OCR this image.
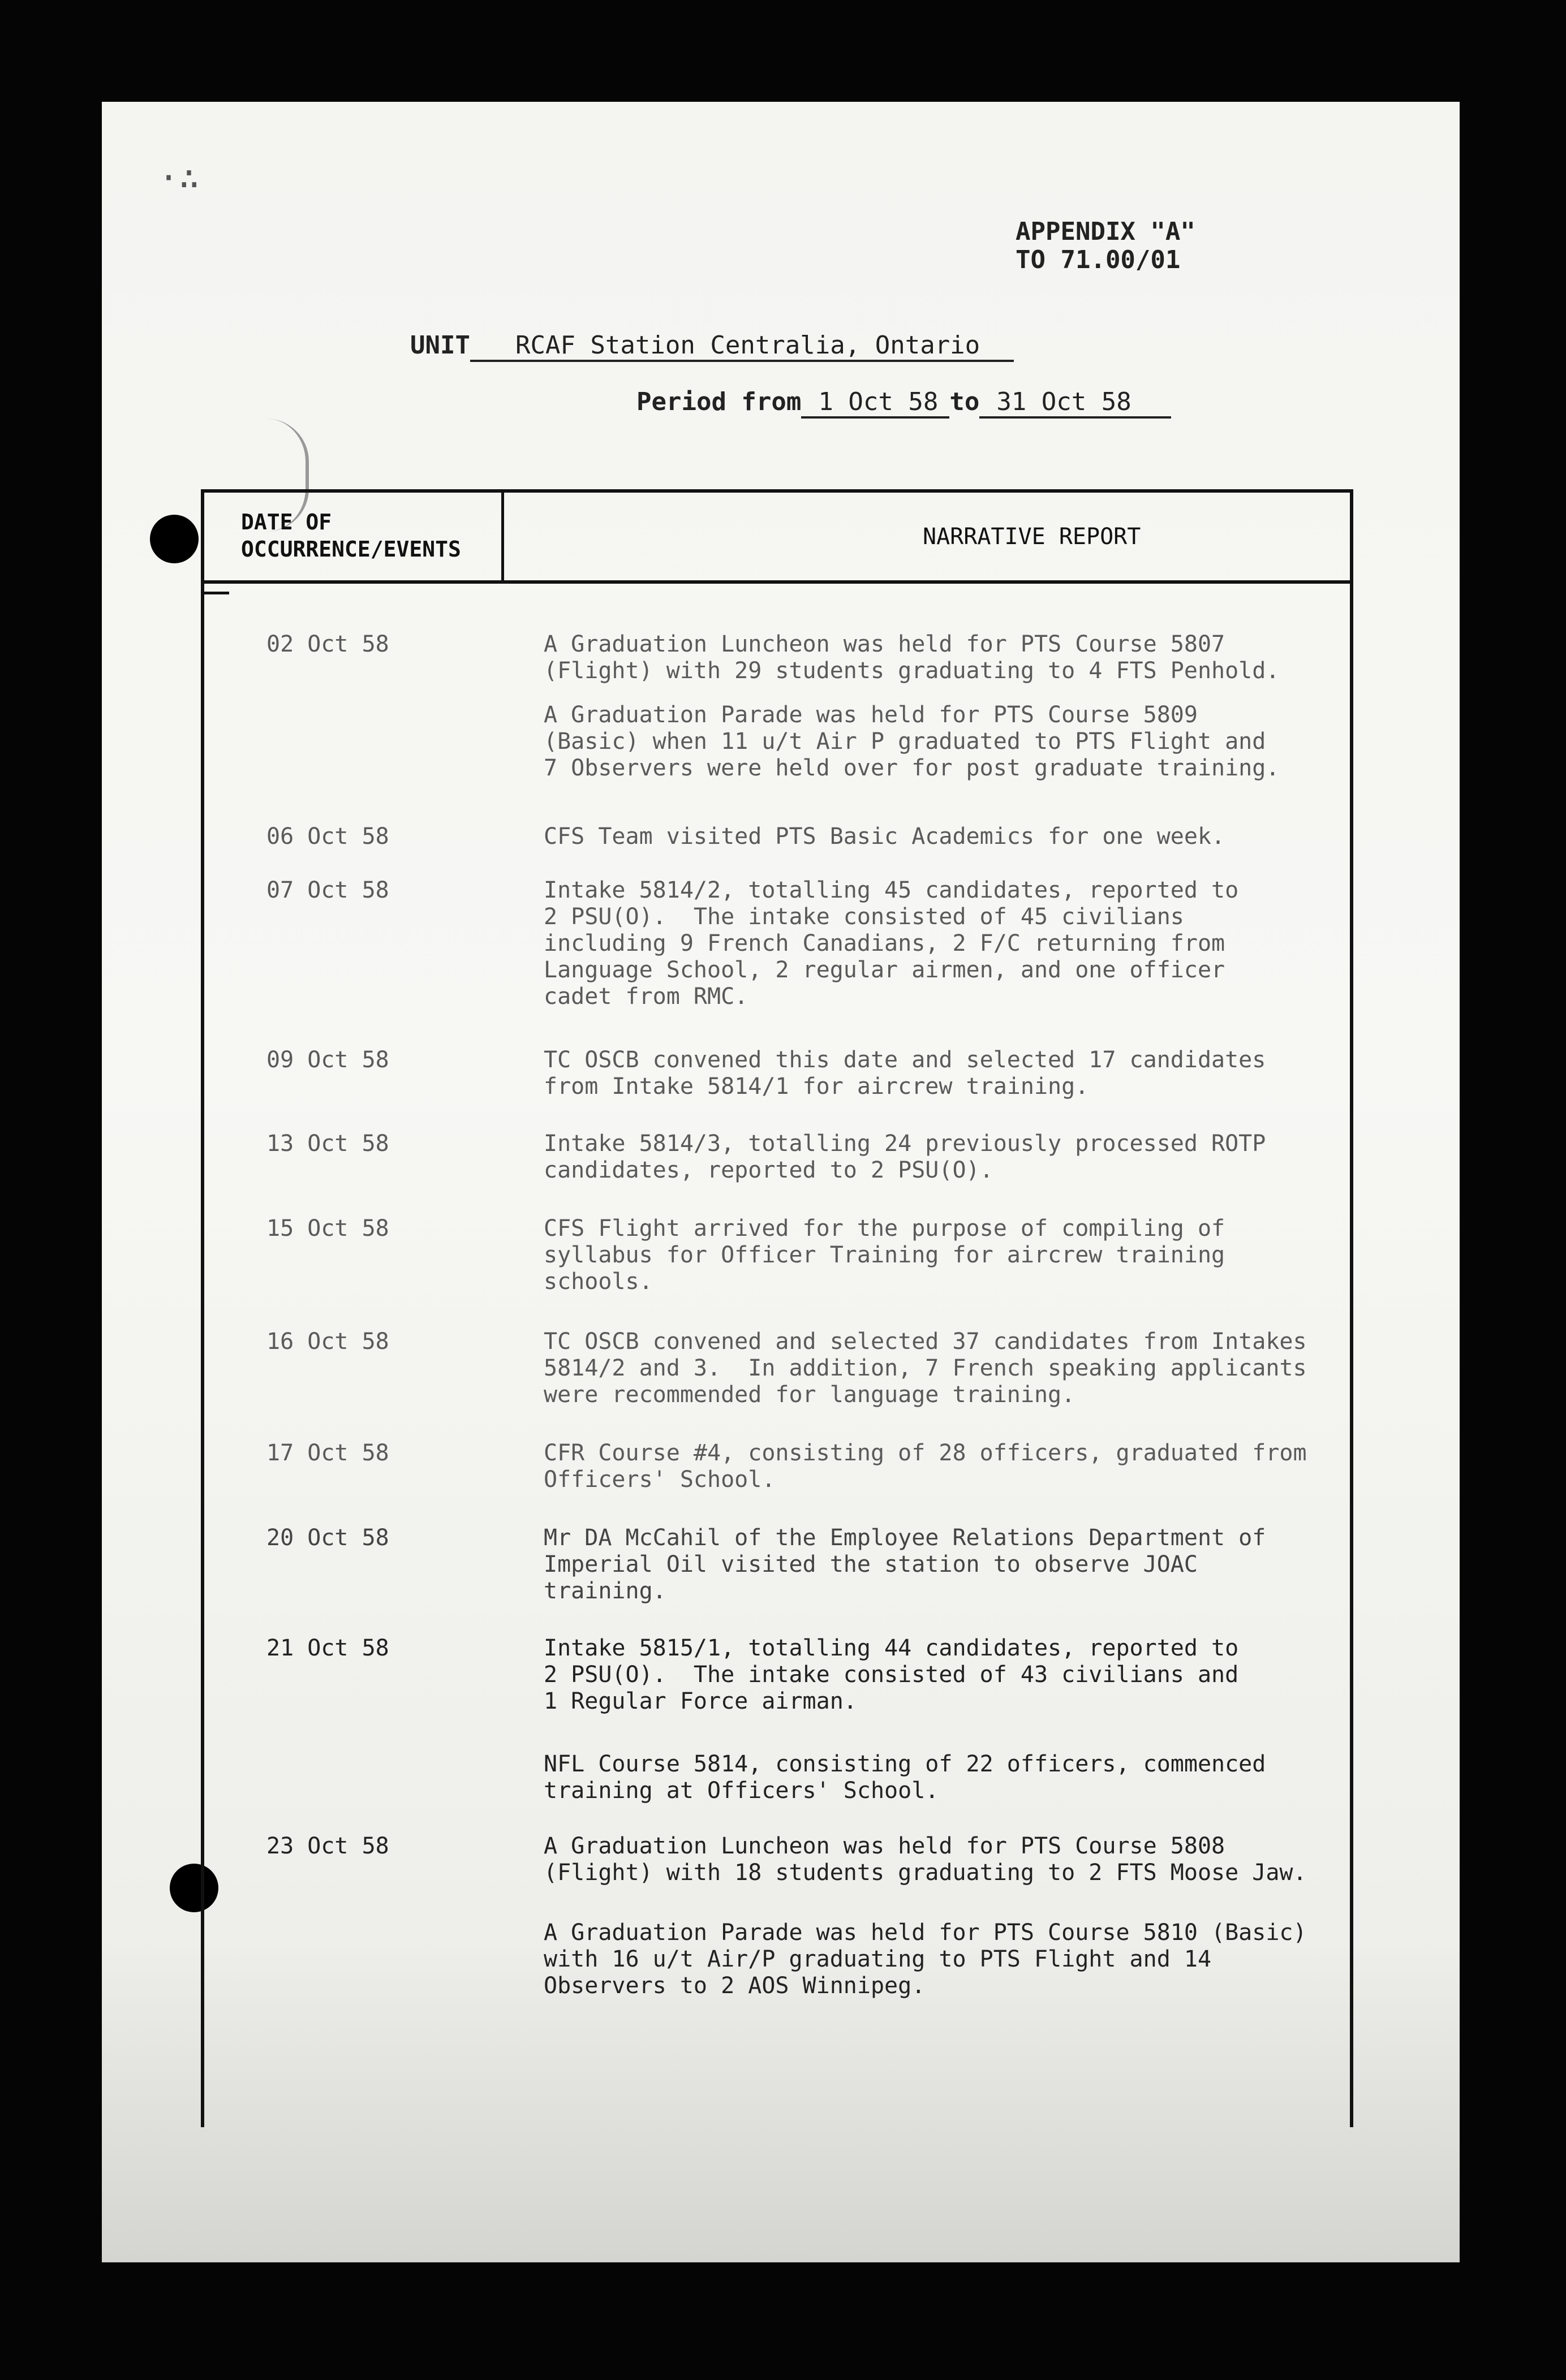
·∴
APPENDIX "A"
TO 71.00/01
UNIT RCAF Station Centralia, Ontario
Period from 1 Oct 58 to 31 Oct 58
DATE OF
OCCURRENCE/EVENTS	NARRATIVE REPORT
02 Oct 58	A Graduation Luncheon was held for PTS Course 5807
(Flight) with 29 students graduating to 4 FTS Penhold.
A Graduation Parade was held for PTS Course 5809
(Basic) when 11 u/t Air P graduated to PTS Flight and
7 Observers were held over for post graduate training.
06 Oct 58	CFS Team visited PTS Basic Academics for one week.
07 Oct 58	Intake 5814/2, totalling 45 candidates, reported to
2 PSU(O).  The intake consisted of 45 civilians
including 9 French Canadians, 2 F/C returning from
Language School, 2 regular airmen, and one officer
cadet from RMC.
09 Oct 58	TC OSCB convened this date and selected 17 candidates
from Intake 5814/1 for aircrew training.
13 Oct 58	Intake 5814/3, totalling 24 previously processed ROTP
candidates, reported to 2 PSU(O).
15 Oct 58	CFS Flight arrived for the purpose of compiling of
syllabus for Officer Training for aircrew training
schools.
16 Oct 58	TC OSCB convened and selected 37 candidates from Intakes
5814/2 and 3.  In addition, 7 French speaking applicants
were recommended for language training.
17 Oct 58	CFR Course #4, consisting of 28 officers, graduated from
Officers' School.
20 Oct 58	Mr DA McCahil of the Employee Relations Department of
Imperial Oil visited the station to observe JOAC
training.
21 Oct 58	Intake 5815/1, totalling 44 candidates, reported to
2 PSU(O).  The intake consisted of 43 civilians and
1 Regular Force airman.
NFL Course 5814, consisting of 22 officers, commenced
training at Officers' School.
23 Oct 58	A Graduation Luncheon was held for PTS Course 5808
(Flight) with 18 students graduating to 2 FTS Moose Jaw.
A Graduation Parade was held for PTS Course 5810 (Basic)
with 16 u/t Air/P graduating to PTS Flight and 14
Observers to 2 AOS Winnipeg.
